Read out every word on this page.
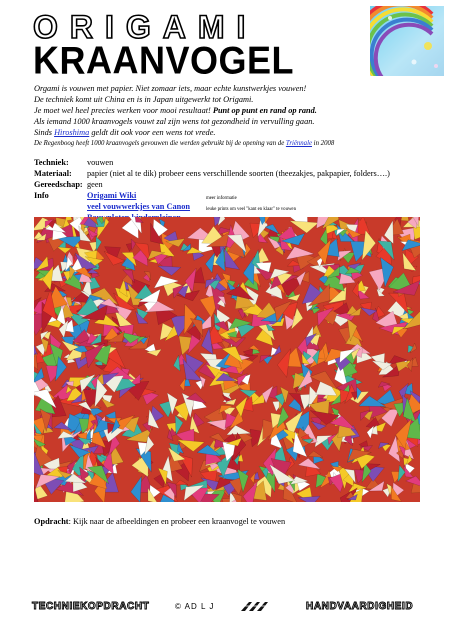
ORIGAMI
KRAANVOGEL

Orgami is vouwen met papier. Niet zomaar iets, maar echte kunstwerkjes vouwen!

De techniek komt uit China en is in Japan uitgewerkt tot Origami.

Je moet wel heel precies werken voor mooi resultaat! Punt op punt en rand op rand.

Als iemand 1000 kraanvogels vouwt zal zijn wens tot gezondheid in vervulling gaan.

Sinds Hiroshima geldt dit ook voor een wens tot vrede.

De Regenboog heeft 1000 kraanvogels gevouwen die werden gebruikt bij de opening van de Triënnale in 2008

Techniek: vouwen
Materiaal: papier (niet al te dik) probeer eens verschillende soorten (theezakjes, pakpapier, folders….)
Gereedschap: geen
Info	Origami Wiki	meer informatie
veel vouwwerkjes van Canon	leuke prints om veel "kant en klaar" te vouwen
Opdracht: Kijk naar de afbeeldingen en probeer een kraanvogel te vouwen
TECHNIEKOPDRACHT	© AD L J	HANDVAARDIGHEID
